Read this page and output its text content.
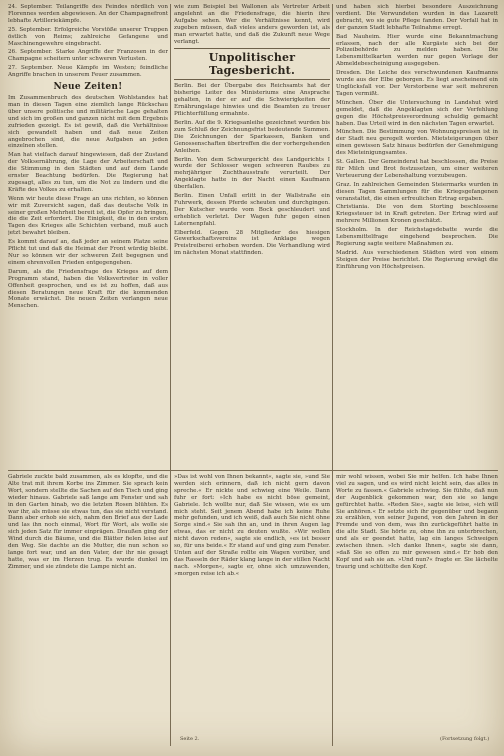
24. September. Teilangriffe des Feindes nördlich von Florennes werden abgewiesen. An der Champagnefront lebhafte Artilleriekämpfe.

25. September. Erfolgreiche Vorstöße unserer Truppen östlich von Reims; zahlreiche Gefangene und Maschinengewehre eingebracht.

26. September. Starke Angriffe der Franzosen in der Champagne scheitern unter schweren Verlusten.

27. September. Neue Kämpfe im Westen; feindliche Angriffe brachen in unserem Feuer zusammen.

Neue Zeiten!

Im Zusammenbruch des deutschen Wohlstandes hat man in diesen Tagen eine ziemlich lange Rückschau über unsere politische und militärische Lage gehalten und sich im großen und ganzen nicht mit dem Ergebnis zufrieden gezeigt. Es ist gewiß, daß die Verhältnisse sich gewandelt haben und daß neue Zeiten angebrochen sind, die neue Aufgaben an jeden einzelnen stellen.

Man hat vielfach darauf hingewiesen, daß der Zustand der Volksernährung, die Lage der Arbeiterschaft und die Stimmung in den Städten und auf dem Lande ernster Beachtung bedürfen. Die Regierung hat zugesagt, alles zu tun, um die Not zu lindern und die Kräfte des Volkes zu erhalten.

Wenn wir heute diese Frage an uns richten, so können wir mit Zuversicht sagen, daß das deutsche Volk in seiner großen Mehrheit bereit ist, die Opfer zu bringen, die die Zeit erfordert. Die Einigkeit, die in den ersten Tagen des Krieges alle Schichten verband, muß auch jetzt bewahrt bleiben.

Es kommt darauf an, daß jeder an seinem Platze seine Pflicht tut und daß die Heimat der Front würdig bleibt. Nur so können wir der schweren Zeit begegnen und einem ehrenvollen Frieden entgegengehen.

Darum, als die Friedensfrage des Krieges auf dem Programm stand, haben die Volksvertreter in voller Offenheit gesprochen, und es ist zu hoffen, daß aus diesen Beratungen neue Kraft für die kommenden Monate erwächst. Die neuen Zeiten verlangen neue Menschen.

wie zum Beispiel bei Wallonen als Vertreter Arbeit angelehnt an die Friedensfrage, die hierin ihre Aufgabe sehen. Wer die Verhältnisse kennt, wird zugeben müssen, daß vieles anders geworden ist, als man erwartet hatte, und daß die Zukunft neue Wege verlangt.

Unpolitischer Tagesbericht.

Berlin. Bei der Übergabe des Reichsamts hat der bisherige Leiter des Ministeriums eine Ansprache gehalten, in der er auf die Schwierigkeiten der Ernährungslage hinwies und die Beamten zu treuer Pflichterfüllung ermahnte.

Berlin. Auf die 9. Kriegsanleihe gezeichnet wurden bis zum Schluß der Zeichnungsfrist bedeutende Summen. Die Zeichnungen der Sparkassen, Banken und Genossenschaften übertreffen die der vorhergehenden Anleihen.

Berlin. Von dem Schwurgericht des Landgerichts I wurde der Schlosser wegen schweren Raubes zu mehrjähriger Zuchthausstrafe verurteilt. Der Angeklagte hatte in der Nacht einen Kaufmann überfallen.

Berlin. Einen Unfall erlitt in der Wallstraße ein Fuhrwerk, dessen Pferde scheuten und durchgingen. Der Kutscher wurde vom Bock geschleudert und erheblich verletzt. Der Wagen fuhr gegen einen Laternenpfahl.

Elberfeld. Gegen 28 Mitglieder des hiesigen Gewerkschaftsvereins ist Anklage wegen Preistreiberei erhoben worden. Die Verhandlung wird im nächsten Monat stattfinden.

und haben sich hierbei besondere Auszeichnung verdient. Die Verwundeten wurden in das Lazarett gebracht, wo sie gute Pflege fanden. Der Vorfall hat in der ganzen Stadt lebhafte Teilnahme erregt.

Bad Nauheim. Hier wurde eine Bekanntmachung erlassen, nach der alle Kurgäste sich bei der Polizeibehörde zu melden haben. Die Lebensmittelkarten werden nur gegen Vorlage der Abmeldebescheinigung ausgegeben.

Dresden. Die Leiche des verschwundenen Kaufmanns wurde aus der Elbe geborgen. Es liegt anscheinend ein Unglücksfall vor. Der Verstorbene war seit mehreren Tagen vermißt.

München. Über die Untersuchung in Landshut wird gemeldet, daß die Angeklagten sich der Verfehlung gegen die Höchstpreisverordnung schuldig gemacht haben. Das Urteil wird in den nächsten Tagen erwartet.

München. Die Bestimmung von Wohnungspreisen ist in der Stadt neu geregelt worden. Mietsteigerungen über einen gewissen Satz hinaus bedürfen der Genehmigung des Mieteinigungsamtes.

St. Gallen. Der Gemeinderat hat beschlossen, die Preise für Milch und Brot festzusetzen, um einer weiteren Verteuerung der Lebenshaltung vorzubeugen.

Graz. In zahlreichen Gemeinden Steiermarks wurden in diesen Tagen Sammlungen für die Kriegsgefangenen veranstaltet, die einen erfreulichen Ertrag ergaben.

Christiania. Die von dem Storting beschlossene Kriegssteuer ist in Kraft getreten. Der Ertrag wird auf mehrere Millionen Kronen geschätzt.

Stockholm. In der Reichstagsdebatte wurde die Lebensmittelfrage eingehend besprochen. Die Regierung sagte weitere Maßnahmen zu.

Madrid. Aus verschiedenen Städten wird von einem Steigen der Preise berichtet. Die Regierung erwägt die Einführung von Höchstpreisen.

Gabriele zuckte bald zusammen, als es klopfte, und die Alte trat mit ihrem Korbe ins Zimmer. Sie sprach kein Wort, sondern stellte die Sachen auf den Tisch und ging wieder hinaus. Gabriele saß lange am Fenster und sah in den Garten hinab, wo die letzten Rosen blühten. Es war ihr, als müsse sie etwas tun, das sie nicht verstand. Dann aber erhob sie sich, nahm den Brief aus der Lade und las ihn noch einmal, Wort für Wort, als wolle sie sich jeden Satz für immer einprägen. Draußen ging der Wind durch die Bäume, und die Blätter fielen leise auf den Weg. Sie dachte an die Mutter, die nun schon so lange fort war, und an den Vater, der ihr nie gesagt hatte, was er im Herzen trug. Es wurde dunkel im Zimmer, und sie zündete die Lampe nicht an.

»Das ist wohl von Ihnen bekannt«, sagte sie, »und Sie werden sich erinnern, daß ich nicht gern davon spreche.« Er nickte und schwieg eine Weile. Dann fuhr er fort: »Ich habe es nicht böse gemeint, Gabriele. Ich wollte nur, daß Sie wissen, wie es um mich steht. Seit jenem Abend habe ich keine Ruhe mehr gefunden, und ich weiß, daß auch Sie nicht ohne Sorge sind.« Sie sah ihn an, und in ihren Augen lag etwas, das er nicht zu deuten wußte. »Wir wollen nicht davon reden«, sagte sie endlich, »es ist besser so, für uns beide.« Er stand auf und ging zum Fenster. Unten auf der Straße rollte ein Wagen vorüber, und das Rasseln der Räder klang lange in der stillen Nacht nach. »Morgen«, sagte er, ohne sich umzuwenden, »morgen reise ich ab.«

mir wohl wissen, wobei Sie mir helfen. Ich habe Ihnen viel zu sagen, und es wird nicht leicht sein, das alles in Worte zu fassen.« Gabriele schwieg. Sie fühlte, daß nun der Augenblick gekommen war, den sie so lange gefürchtet hatte. »Reden Sie«, sagte sie leise, »ich will Sie anhören.« Er setzte sich ihr gegenüber und begann zu erzählen, von seiner Jugend, von den Jahren in der Fremde und von dem, was ihn zurückgeführt hatte in die alte Stadt. Sie hörte zu, ohne ihn zu unterbrechen, und als er geendet hatte, lag ein langes Schweigen zwischen ihnen. »Ich danke Ihnen«, sagte sie dann, »daß Sie so offen zu mir gewesen sind.« Er hob den Kopf und sah sie an. »Und nun?« fragte er. Sie lächelte traurig und schüttelte den Kopf.

Seite 2.	(Fortsetzung folgt.)
